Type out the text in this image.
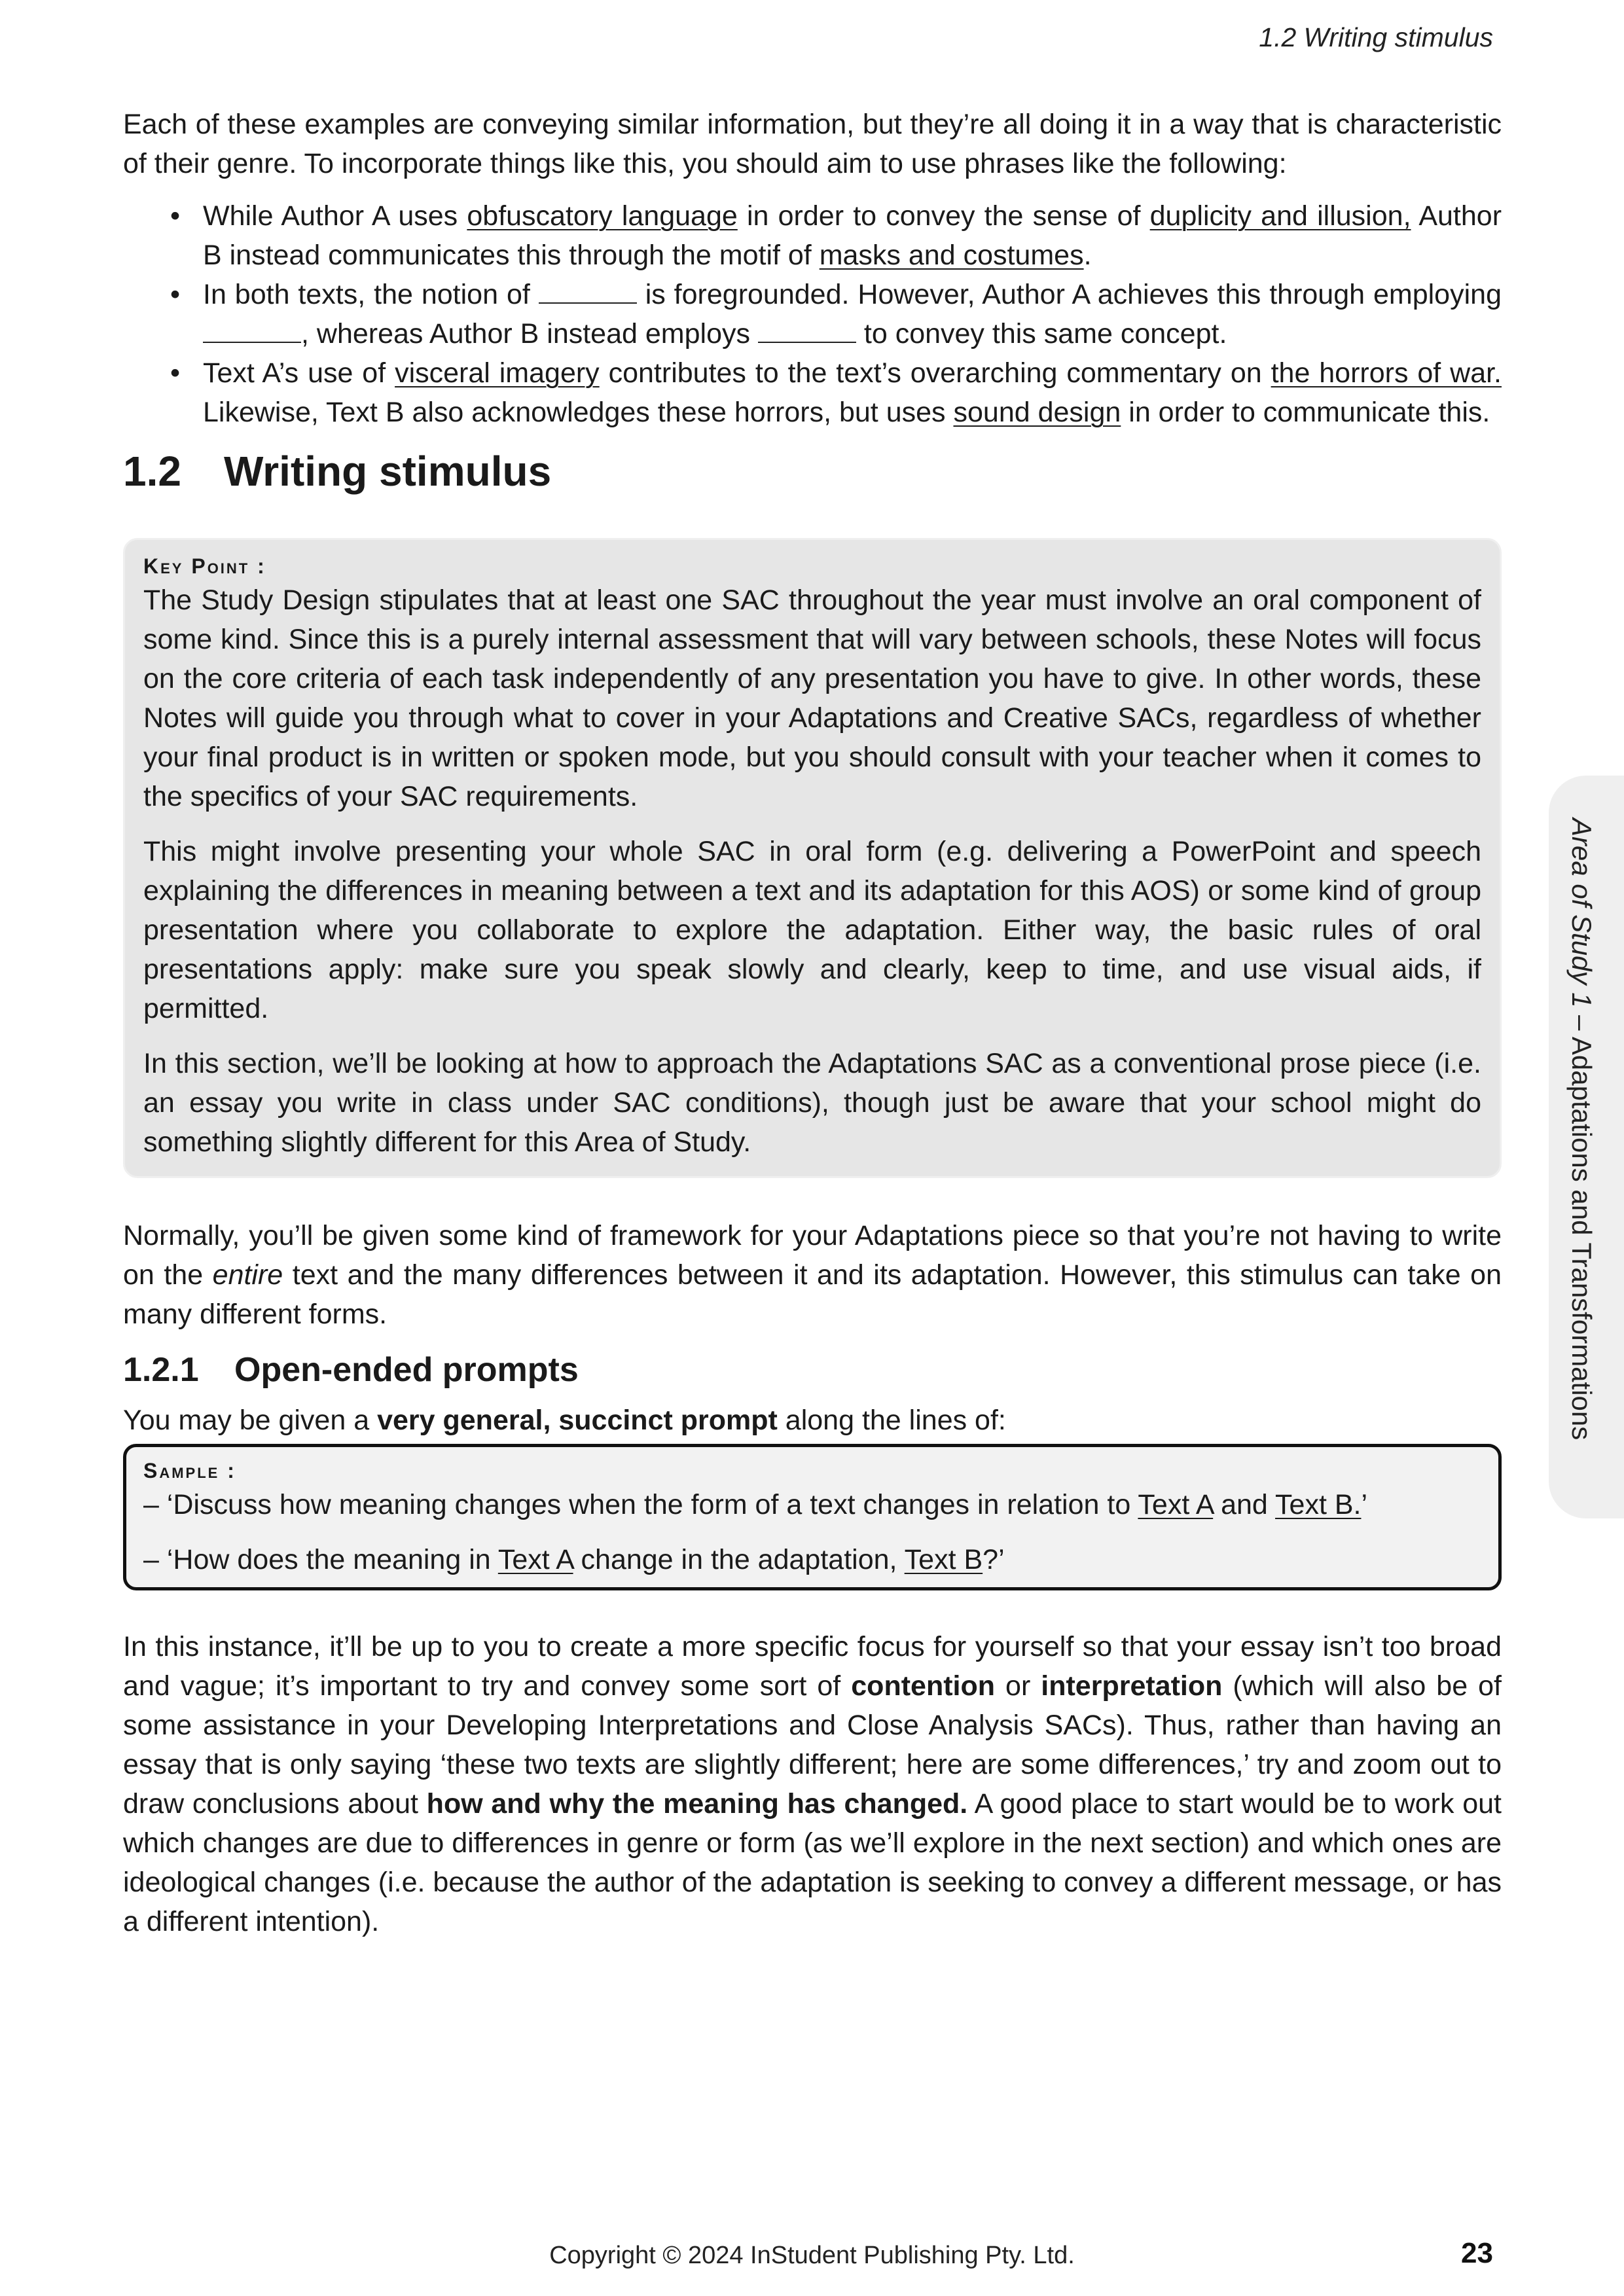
1.2 Writing stimulus
Area of Study 1 – Adaptations and Transformations

Each of these examples are conveying similar information, but they’re all doing it in a way that is characteristic of their genre. To incorporate things like this, you should aim to use phrases like the following:

• While Author A uses obfuscatory language in order to convey the sense of duplicity and illusion, Author B instead communicates this through the motif of masks and costumes.
• In both texts, the notion of	is foregrounded. However, Author A achieves this through employing , whereas Author B instead employs	to convey this same concept.
• Text A’s use of visceral imagery contributes to the text’s overarching commentary on the horrors of war. Likewise, Text B also acknowledges these horrors, but uses sound design in order to communicate this.
1.2 Writing stimulus
Key Point :

The Study Design stipulates that at least one SAC throughout the year must involve an oral component of some kind. Since this is a purely internal assessment that will vary between schools, these Notes will focus on the core criteria of each task independently of any presentation you have to give. In other words, these Notes will guide you through what to cover in your Adaptations and Creative SACs, regardless of whether your final product is in written or spoken mode, but you should consult with your teacher when it comes to the specifics of your SAC requirements.

This might involve presenting your whole SAC in oral form (e.g. delivering a PowerPoint and speech explaining the differences in meaning between a text and its adaptation for this AOS) or some kind of group presentation where you collaborate to explore the adaptation. Either way, the basic rules of oral presentations apply: make sure you speak slowly and clearly, keep to time, and use visual aids, if permitted.

In this section, we’ll be looking at how to approach the Adaptations SAC as a conventional prose piece (i.e. an essay you write in class under SAC conditions), though just be aware that your school might do something slightly different for this Area of Study.

Normally, you’ll be given some kind of framework for your Adaptations piece so that you’re not having to write on the entire text and the many differences between it and its adaptation. However, this stimulus can take on many different forms.

1.2.1 Open-ended prompts

You may be given a very general, succinct prompt along the lines of:

Sample :

– ‘Discuss how meaning changes when the form of a text changes in relation to Text A and Text B.’

– ‘How does the meaning in Text A change in the adaptation, Text B?’

In this instance, it’ll be up to you to create a more specific focus for yourself so that your essay isn’t too broad and vague; it’s important to try and convey some sort of contention or interpretation (which will also be of some assistance in your Developing Interpretations and Close Analysis SACs). Thus, rather than having an essay that is only saying ‘these two texts are slightly different; here are some differences,’ try and zoom out to draw conclusions about how and why the meaning has changed. A good place to start would be to work out which changes are due to differences in genre or form (as we’ll explore in the next section) and which ones are ideological changes (i.e. because the author of the adaptation is seeking to convey a different message, or has a different intention).

Copyright © 2024 InStudent Publishing Pty. Ltd.	23
